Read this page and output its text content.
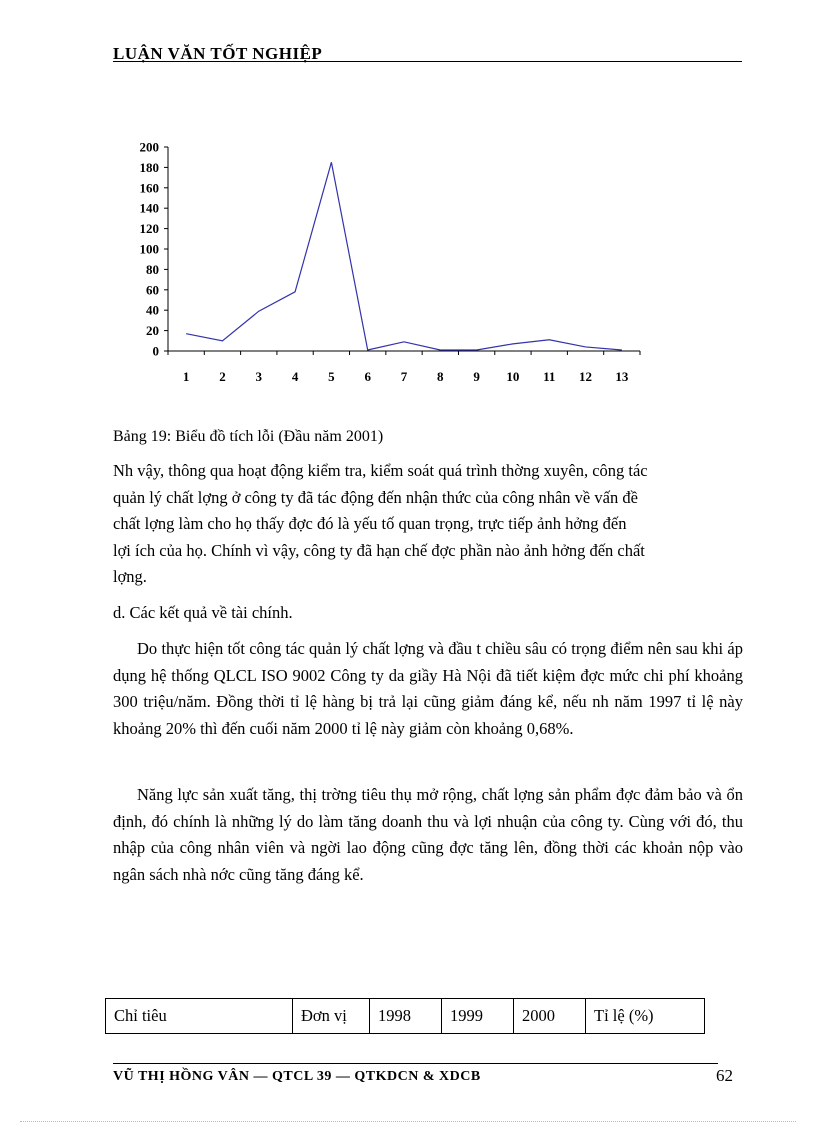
LUẬN VĂN TỐT NGHIỆP
0
20
40
60
80
100
120
140
160
180
200
1 2 3 4 5 6 7 8 9 10 11 12 13
Bảng 19: Biểu đồ tích lỗi (Đầu năm 2001)

Nh vậy, thông qua hoạt động kiểm tra, kiểm soát quá trình thờng xuyên, công tác

quản lý chất lợng ở công ty đã tác động đến nhận thức của công nhân về vấn đề

chất lợng làm cho họ thấy đợc đó là yếu tố quan trọng, trực tiếp ảnh hởng đến

lợi ích của họ. Chính vì vậy, công ty đã hạn chế đợc phần nào ảnh hởng đến chất

lợng.

d. Các kết quả về tài chính.
Do thực hiện tốt công tác quản lý chất lợng và đầu t chiều sâu có trọng điểm nên sau khi áp dụng hệ thống QLCL ISO 9002 Công ty da giầy Hà Nội đã tiết kiệm đợc mức chi phí khoảng 300 triệu/năm. Đồng thời tỉ lệ hàng bị trả lại cũng giảm đáng kể, nếu nh năm 1997 tỉ lệ này khoảng 20% thì đến cuối năm 2000 tỉ lệ này giảm còn khoảng 0,68%.
Năng lực sản xuất tăng, thị trờng tiêu thụ mở rộng, chất lợng sản phẩm đợc đảm bảo và ổn định, đó chính là những lý do làm tăng doanh thu và lợi nhuận của công ty. Cùng với đó, thu nhập của công nhân viên và ngời lao động cũng đợc tăng lên, đồng thời các khoản nộp vào ngân sách nhà nớc cũng tăng đáng kể.
Chỉ tiêu	Đơn vị	1998	1999	2000	Tỉ lệ (%)
VŨ THỊ HỒNG VÂN — QTCL 39 — QTKDCN & XDCB	62
